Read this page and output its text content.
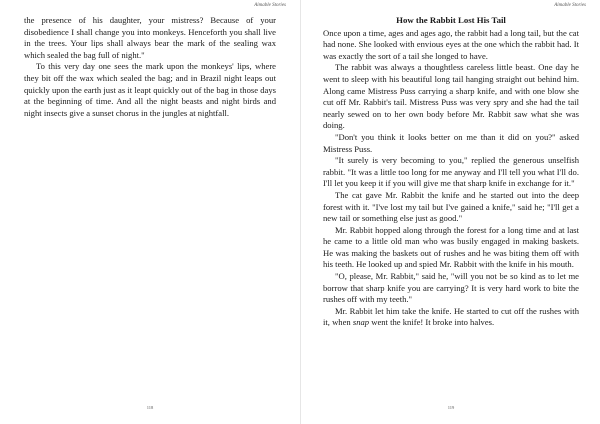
Aimable Stories

the presence of his daughter, your mistress? Because of your disobedience I shall change you into monkeys. Henceforth you shall live in the trees. Your lips shall always bear the mark of the sealing wax which sealed the bag full of night."

To this very day one sees the mark upon the monkeys' lips, where they bit off the wax which sealed the bag; and in Brazil night leaps out quickly upon the earth just as it leapt quickly out of the bag in those days at the beginning of time. And all the night beasts and night birds and night insects give a sunset chorus in the jungles at nightfall.

118
Aimable Stories
How the Rabbit Lost His Tail

Once upon a time, ages and ages ago, the rabbit had a long tail, but the cat had none. She looked with envious eyes at the one which the rabbit had. It was exactly the sort of a tail she longed to have.

The rabbit was always a thoughtless careless little beast. One day he went to sleep with his beautiful long tail hanging straight out behind him. Along came Mistress Puss carrying a sharp knife, and with one blow she cut off Mr. Rabbit's tail. Mistress Puss was very spry and she had the tail nearly sewed on to her own body before Mr. Rabbit saw what she was doing.

"Don't you think it looks better on me than it did on you?" asked Mistress Puss.

"It surely is very becoming to you," replied the generous unselfish rabbit. "It was a little too long for me anyway and I'll tell you what I'll do. I'll let you keep it if you will give me that sharp knife in exchange for it."

The cat gave Mr. Rabbit the knife and he started out into the deep forest with it. "I've lost my tail but I've gained a knife," said he; "I'll get a new tail or something else just as good."

Mr. Rabbit hopped along through the forest for a long time and at last he came to a little old man who was busily engaged in making baskets. He was making the baskets out of rushes and he was biting them off with his teeth. He looked up and spied Mr. Rabbit with the knife in his mouth.

"O, please, Mr. Rabbit," said he, "will you not be so kind as to let me borrow that sharp knife you are carrying? It is very hard work to bite the rushes off with my teeth."

Mr. Rabbit let him take the knife. He started to cut off the rushes with it, when snap went the knife! It broke into halves.

119
